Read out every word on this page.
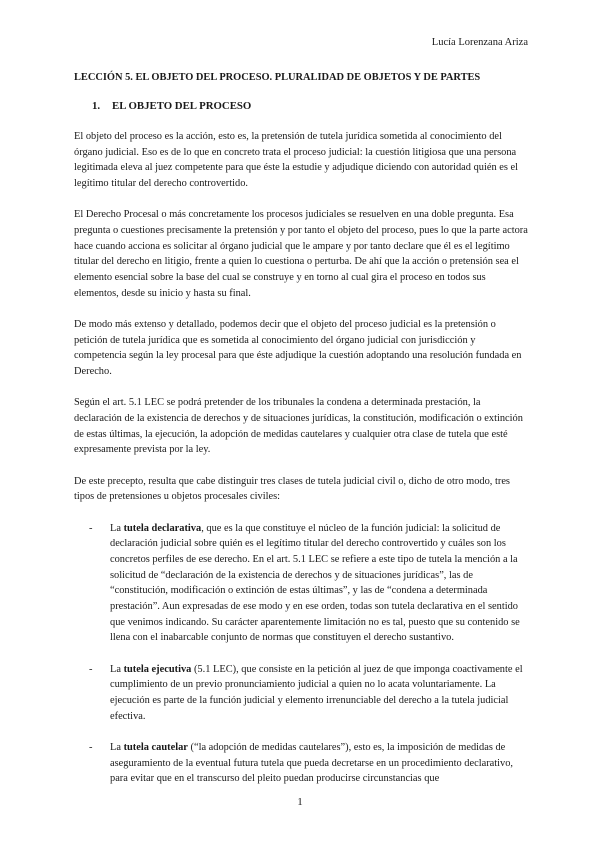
Lucía Lorenzana Ariza
LECCIÓN 5. EL OBJETO DEL PROCESO. PLURALIDAD DE OBJETOS Y DE PARTES
1. EL OBJETO DEL PROCESO

El objeto del proceso es la acción, esto es, la pretensión de tutela jurídica sometida al conocimiento del órgano judicial. Eso es de lo que en concreto trata el proceso judicial: la cuestión litigiosa que una persona legitimada eleva al juez competente para que éste la estudie y adjudique diciendo con autoridad quién es el legítimo titular del derecho controvertido.

El Derecho Procesal o más concretamente los procesos judiciales se resuelven en una doble pregunta. Esa pregunta o cuestiones precisamente la pretensión y por tanto el objeto del proceso, pues lo que la parte actora hace cuando acciona es solicitar al órgano judicial que le ampare y por tanto declare que él es el legítimo titular del derecho en litigio, frente a quien lo cuestiona o perturba. De ahí que la acción o pretensión sea el elemento esencial sobre la base del cual se construye y en torno al cual gira el proceso en todos sus elementos, desde su inicio y hasta su final.

De modo más extenso y detallado, podemos decir que el objeto del proceso judicial es la pretensión o petición de tutela jurídica que es sometida al conocimiento del órgano judicial con jurisdicción y competencia según la ley procesal para que éste adjudique la cuestión adoptando una resolución fundada en Derecho.

Según el art. 5.1 LEC se podrá pretender de los tribunales la condena a determinada prestación, la declaración de la existencia de derechos y de situaciones jurídicas, la constitución, modificación o extinción de estas últimas, la ejecución, la adopción de medidas cautelares y cualquier otra clase de tutela que esté expresamente prevista por la ley.

De este precepto, resulta que cabe distinguir tres clases de tutela judicial civil o, dicho de otro modo, tres tipos de pretensiones u objetos procesales civiles:

- La tutela declarativa, que es la que constituye el núcleo de la función judicial: la solicitud de declaración judicial sobre quién es el legítimo titular del derecho controvertido y cuáles son los concretos perfiles de ese derecho. En el art. 5.1 LEC se refiere a este tipo de tutela la mención a la solicitud de “declaración de la existencia de derechos y de situaciones jurídicas”, las de “constitución, modificación o extinción de estas últimas”, y las de “condena a determinada prestación”. Aun expresadas de ese modo y en ese orden, todas son tutela declarativa en el sentido que venimos indicando. Su carácter aparentemente limitación no es tal, puesto que su contenido se llena con el inabarcable conjunto de normas que constituyen el derecho sustantivo.
- La tutela ejecutiva (5.1 LEC), que consiste en la petición al juez de que imponga coactivamente el cumplimiento de un previo pronunciamiento judicial a quien no lo acata voluntariamente. La ejecución es parte de la función judicial y elemento irrenunciable del derecho a la tutela judicial efectiva.
- La tutela cautelar (“la adopción de medidas cautelares”), esto es, la imposición de medidas de aseguramiento de la eventual futura tutela que pueda decretarse en un procedimiento declarativo, para evitar que en el transcurso del pleito puedan producirse circunstancias que
1
